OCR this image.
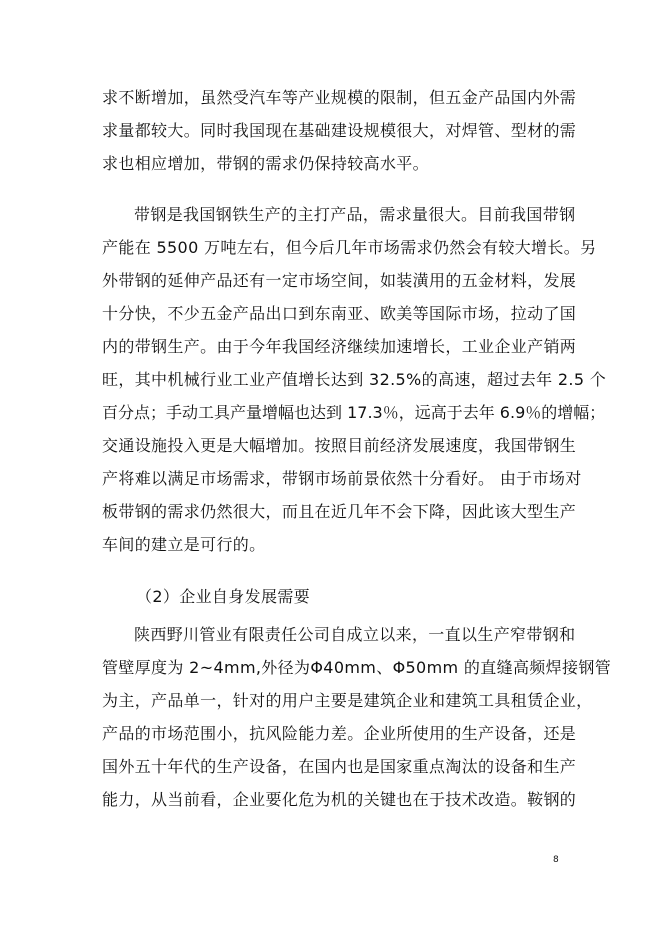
求不断增加，虽然受汽车等产业规模的限制，但五金产品国内外需
求量都较大。同时我国现在基础建设规模很大，对焊管、型材的需
求也相应增加，带钢的需求仍保持较高水平。
带钢是我国钢铁生产的主打产品，需求量很大。目前我国带钢
产能在 5500 万吨左右，但今后几年市场需求仍然会有较大增长。另
外带钢的延伸产品还有一定市场空间，如装潢用的五金材料，发展
十分快，不少五金产品出口到东南亚、欧美等国际市场，拉动了国
内的带钢生产。由于今年我国经济继续加速增长，工业企业产销两
旺，其中机械行业工业产值增长达到 32.5%的高速，超过去年 2.5 个
百分点；手动工具产量增幅也达到 17.3％，远高于去年 6.9％的增幅；
交通设施投入更是大幅增加。按照目前经济发展速度，我国带钢生
产将难以满足市场需求，带钢市场前景依然十分看好。 由于市场对
板带钢的需求仍然很大，而且在近几年不会下降，因此该大型生产
车间的建立是可行的。
（2）企业自身发展需要
陕西野川管业有限责任公司自成立以来，一直以生产窄带钢和
管壁厚度为 2~4mm,外径为Φ40mm、Φ50mm 的直缝高频焊接钢管
为主，产品单一，针对的用户主要是建筑企业和建筑工具租赁企业，
产品的市场范围小，抗风险能力差。企业所使用的生产设备，还是
国外五十年代的生产设备，在国内也是国家重点淘汰的设备和生产
能力，从当前看，企业要化危为机的关键也在于技术改造。鞍钢的
8
